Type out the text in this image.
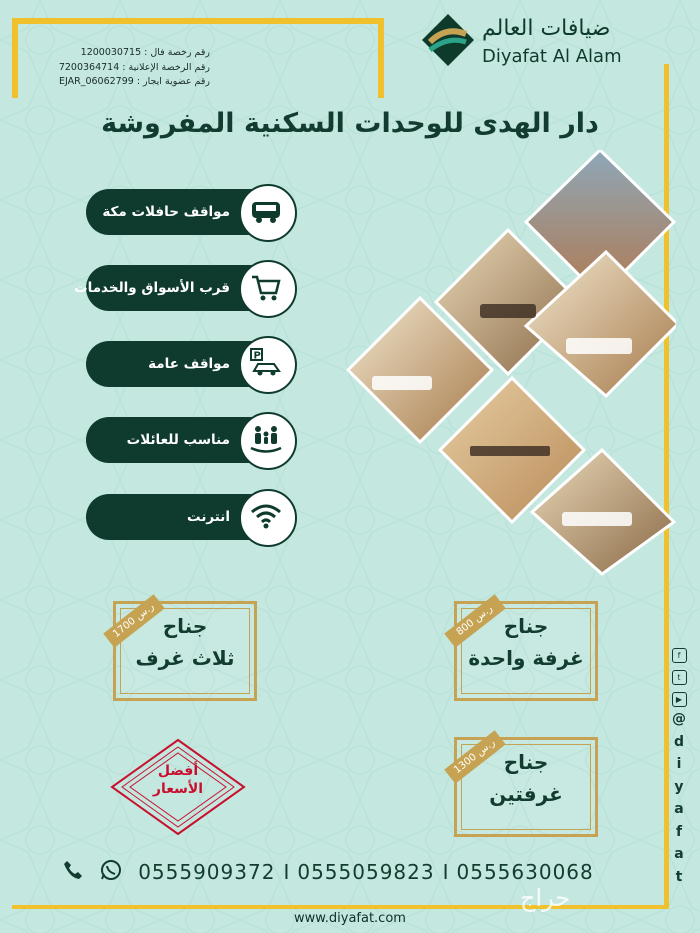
ضيافات العالم
Diyafat Al Alam
رقم رخصة فال : 1200030715
رقم الرخصة الإعلانية : 7200364714
رقم عضوية ايجار : EJAR_06062799
دار الهدى للوحدات السكنية المفروشة
مواقف حافلات مكة
قرب الأسواق والخدمات
مواقف عامة P
مناسب للعائلات
انترنت
800 ر.س
جناح
غرفة واحدة
1700 ر.س
جناح
ثلاث غرف
1300 ر.س
جناح
غرفتين
أفضل
الأسعار
f
t
▶
@
d
i
y
a
f
a
t
0555909372 I 0555059823 I 0555630068
حراج
www.diyafat.com
